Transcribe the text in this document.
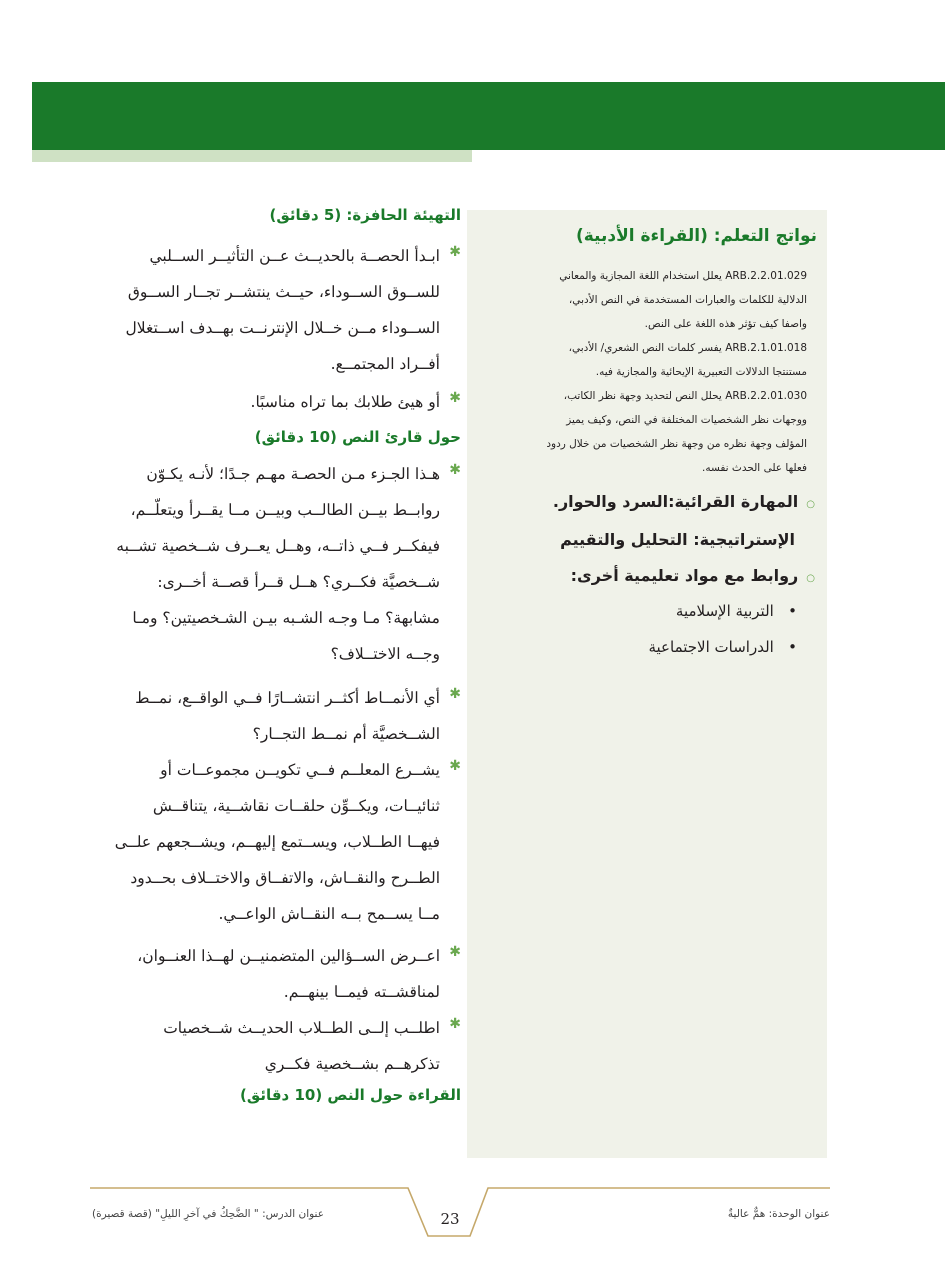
نواتج التعلم: (القراءة الأدبية)
ARB.2.2.01.029 يعلل استخدام اللغة المجازية والمعاني
الدلالية للكلمات والعبارات المستخدمة في النص الأدبي،
واصفا كيف تؤثر هذه اللغة على النص.
ARB.2.1.01.018 يفسر كلمات النص الشعري/ الأدبي،
مستنتجا الدلالات التعبيرية الإيحائية والمجازية فيه.
ARB.2.2.01.030 يحلل النص لتحديد وجهة نظر الكاتب،
ووجهات نظر الشخصيات المختلفة في النص، وكيف يميز
المؤلف وجهة نظره من وجهة نظر الشخصيات من خلال ردود
فعلها على الحدث نفسه.
○المهارة القرائية:السرد والحوار.
الإستراتيجية: التحليل والتقييم
○روابط مع مواد تعليمية أخرى:
•   التربية الإسلامية
•   الدراسات الاجتماعية
التهيئة الحافزة: (5 دقائق)
✱
ابـدأ الحصــة بالحديــث عــن التأثيــر الســلبي
للســوق الســوداء، حيــث ينتشــر تجــار الســوق
الســوداء مــن خــلال الإنترنــت بهــدف اســتغلال
أفــراد المجتمــع.
✱
أو هيئ طلابك بما تراه مناسبًا.
حول قارئ النص (10 دقائق)
✱
هـذا الجـزء مـن الحصـة مهـم جـدًا؛ لأنـه يكـوّن
روابــط بيــن الطالــب وبيــن مــا يقــرأ ويتعلّــم،
فيفكــر فــي ذاتــه، وهــل يعــرف شــخصية تشــبه
شــخصيَّة فكــري؟ هــل قــرأ قصــة أخــرى:
مشابهة؟ مـا وجـه الشـبه بيـن الشـخصيتين؟ ومـا
وجــه الاختــلاف؟
✱
أي الأنمــاط أكثــر انتشــارًا فــي الواقــع، نمــط
الشــخصيَّة أم نمــط التجــار؟
✱
يشــرع المعلــم فــي تكويــن مجموعــات أو
ثنائيــات، ويكــوِّن حلقــات نقاشــية، يتناقــش
فيهــا الطــلاب، ويســتمع إليهــم، ويشــجعهم علــى
الطــرح والنقــاش، والاتفــاق والاختــلاف بحــدود
مــا يســمح بــه النقــاش الواعــي.
✱
اعــرض الســؤالين المتضمنيــن لهــذا العنــوان،
لمناقشــته فيمــا بينهــم.
✱
اطلــب إلــى الطــلاب الحديــث شــخصيات
تذكرهــم بشــخصية فكــري
القراءة حول النص (10 دقائق)
23	عنوان الوحدة: همٌّ عاليةٌ
عنوان الدرس: " الضَّحِكُ في آخرِ الليلِ" (قصة قصيرة)
